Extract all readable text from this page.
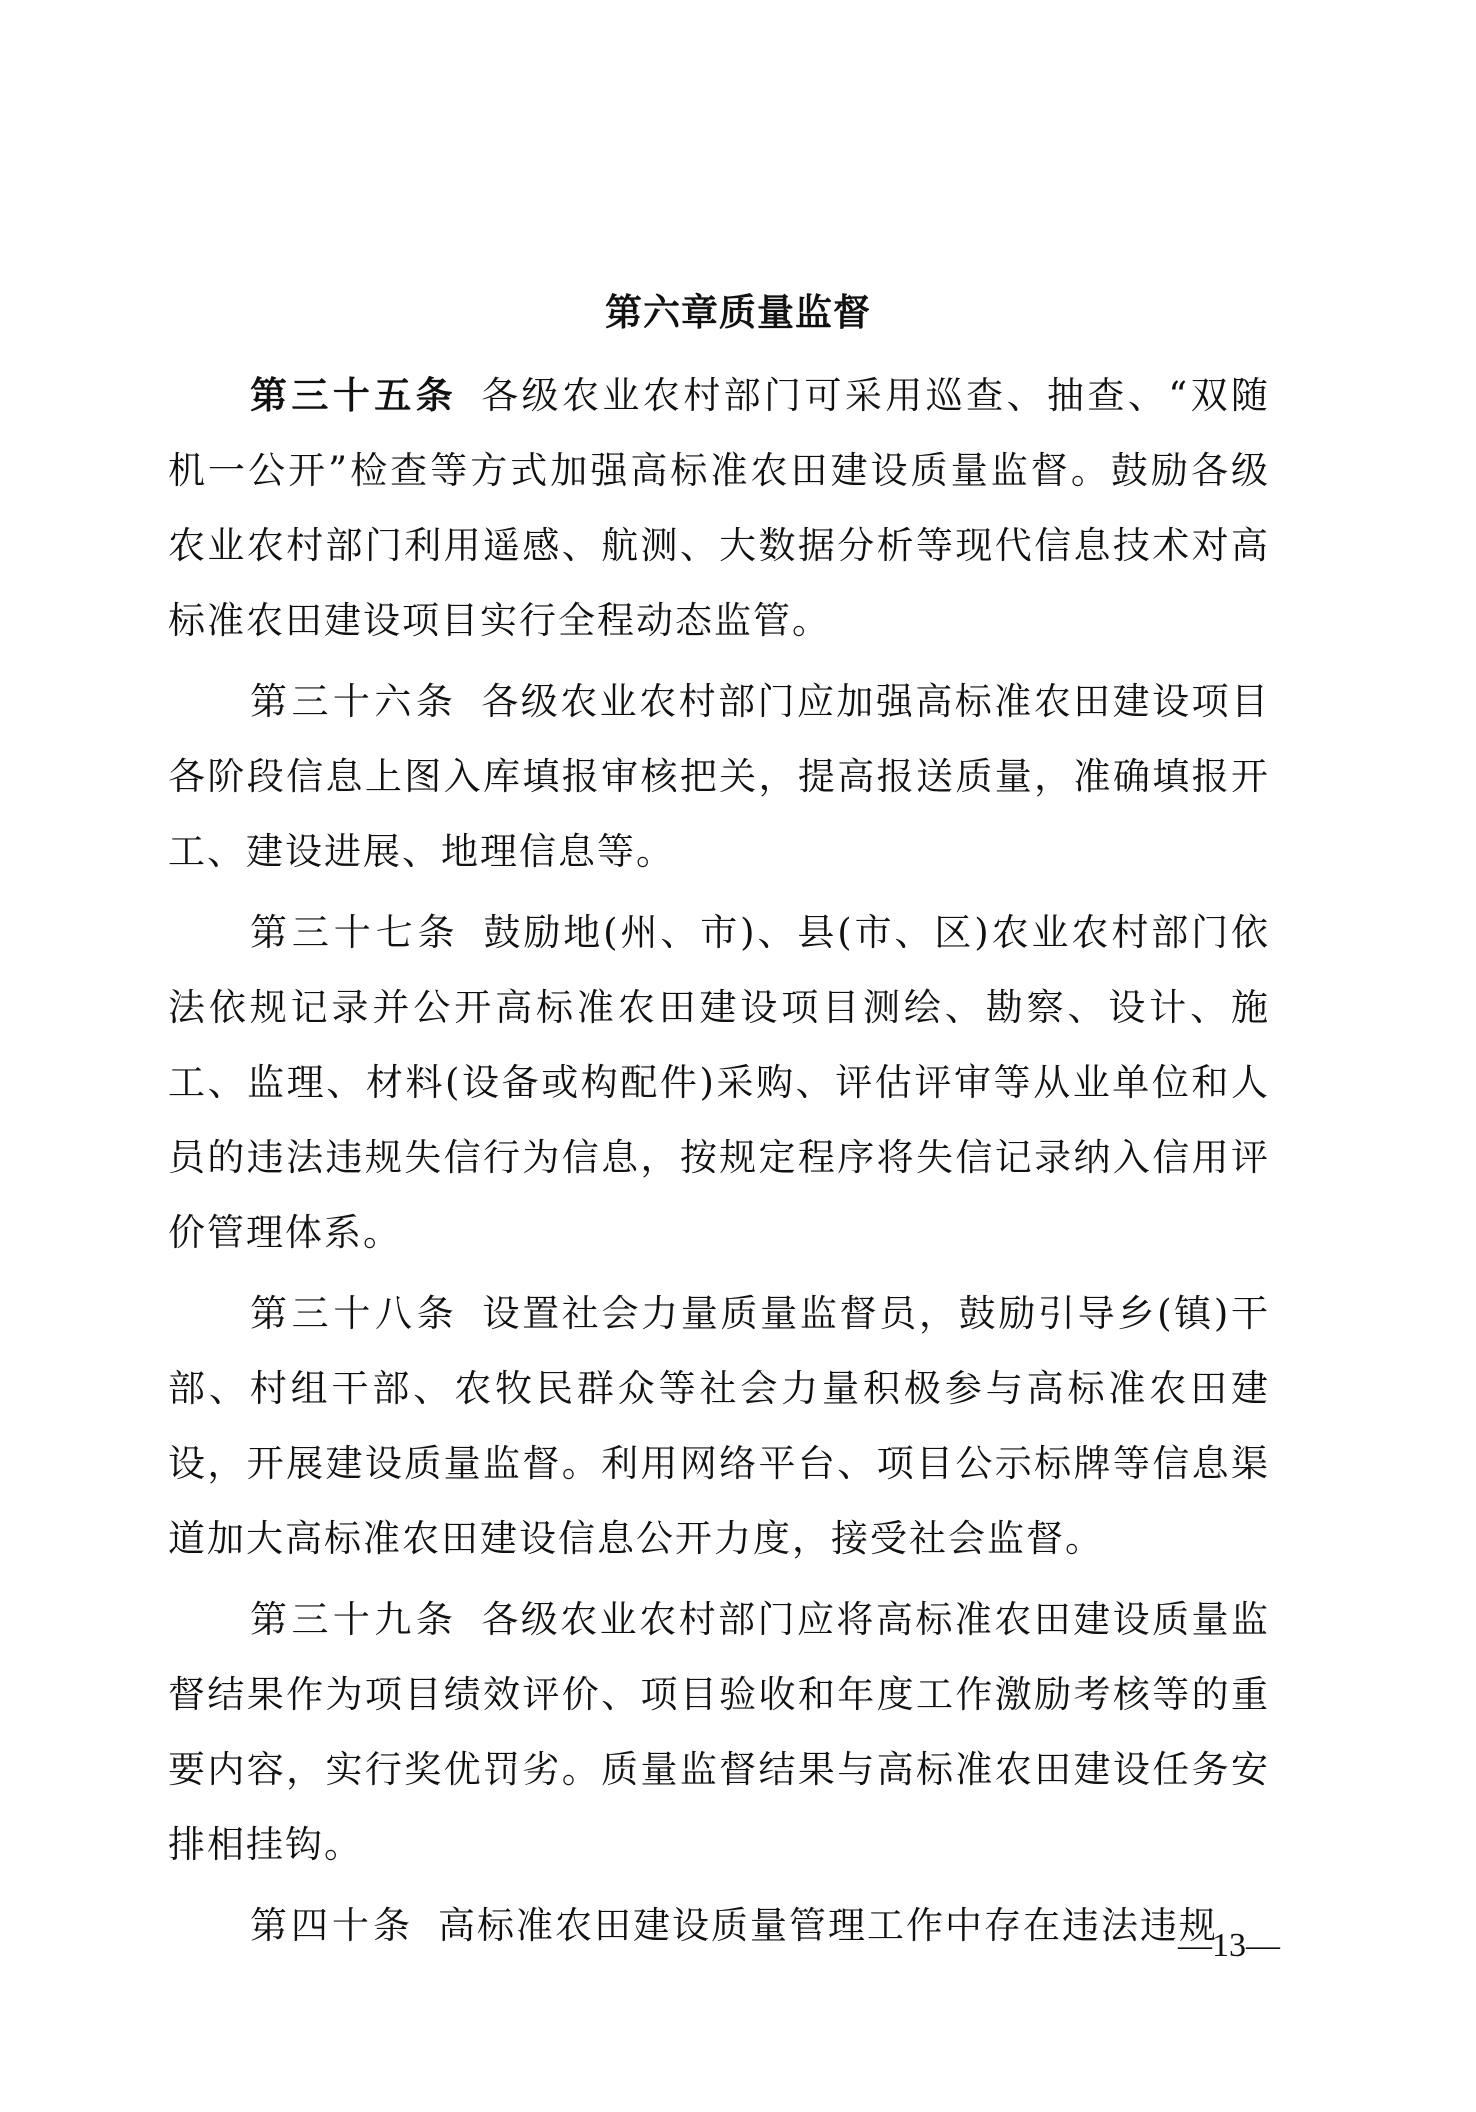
第六章质量监督

第三十五条 各级农业农村部门可采用巡查、抽查、“双随机一公开”检查等方式加强高标准农田建设质量监督。鼓励各级农业农村部门利用遥感、航测、大数据分析等现代信息技术对高标准农田建设项目实行全程动态监管。

第三十六条 各级农业农村部门应加强高标准农田建设项目各阶段信息上图入库填报审核把关，提高报送质量，准确填报开工、建设进展、地理信息等。

第三十七条 鼓励地(州、市)、县(市、区)农业农村部门依法依规记录并公开高标准农田建设项目测绘、勘察、设计、施工、监理、材料(设备或构配件)采购、评估评审等从业单位和人员的违法违规失信行为信息，按规定程序将失信记录纳入信用评价管理体系。

第三十八条 设置社会力量质量监督员，鼓励引导乡(镇)干部、村组干部、农牧民群众等社会力量积极参与高标准农田建设，开展建设质量监督。利用网络平台、项目公示标牌等信息渠道加大高标准农田建设信息公开力度，接受社会监督。

第三十九条 各级农业农村部门应将高标准农田建设质量监督结果作为项目绩效评价、项目验收和年度工作激励考核等的重要内容，实行奖优罚劣。质量监督结果与高标准农田建设任务安排相挂钩。

第四十条 高标准农田建设质量管理工作中存在违法违规

—13—
